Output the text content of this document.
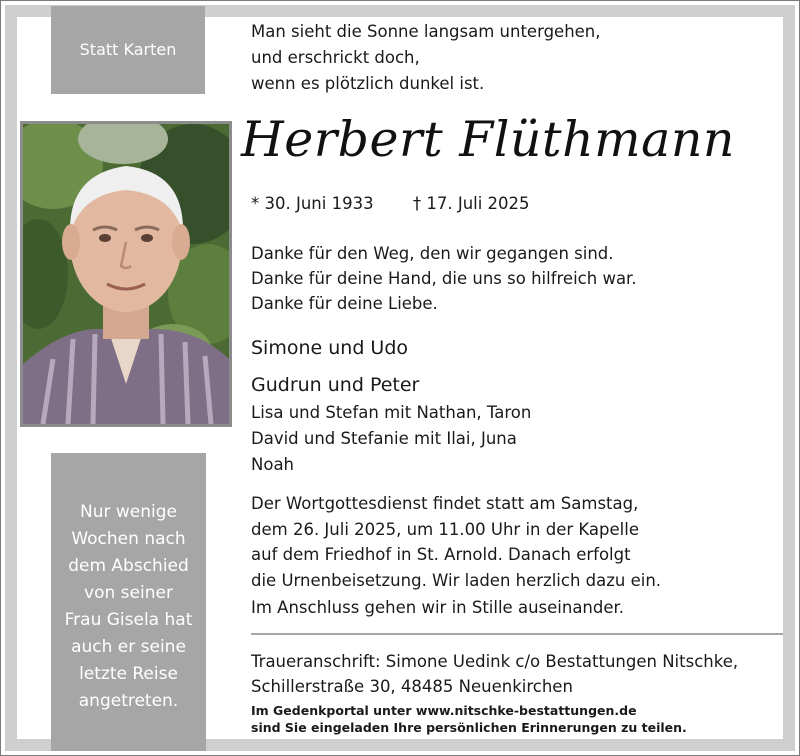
Statt Karten
Nur wenige
Wochen nach
dem Abschied
von seiner
Frau Gisela hat
auch er seine
letzte Reise
angetreten.
Man sieht die Sonne langsam untergehen,
und erschrickt doch,
wenn es plötzlich dunkel ist.
Herbert Flüthmann
* 30. Juni 1933 † 17. Juli 2025
Danke für den Weg, den wir gegangen sind.
Danke für deine Hand, die uns so hilfreich war.
Danke für deine Liebe.
Simone und Udo
Gudrun und Peter
Lisa und Stefan mit Nathan, Taron
David und Stefanie mit Ilai, Juna
Noah
Der Wortgottesdienst findet statt am Samstag,
dem 26. Juli 2025, um 11.00 Uhr in der Kapelle
auf dem Friedhof in St. Arnold. Danach erfolgt
die Urnenbeisetzung. Wir laden herzlich dazu ein.
Im Anschluss gehen wir in Stille auseinander.
Traueranschrift: Simone Uedink c/o Bestattungen Nitschke,
Schillerstraße 30, 48485 Neuenkirchen
Im Gedenkportal unter www.nitschke-bestattungen.de
sind Sie eingeladen Ihre persönlichen Erinnerungen zu teilen.
